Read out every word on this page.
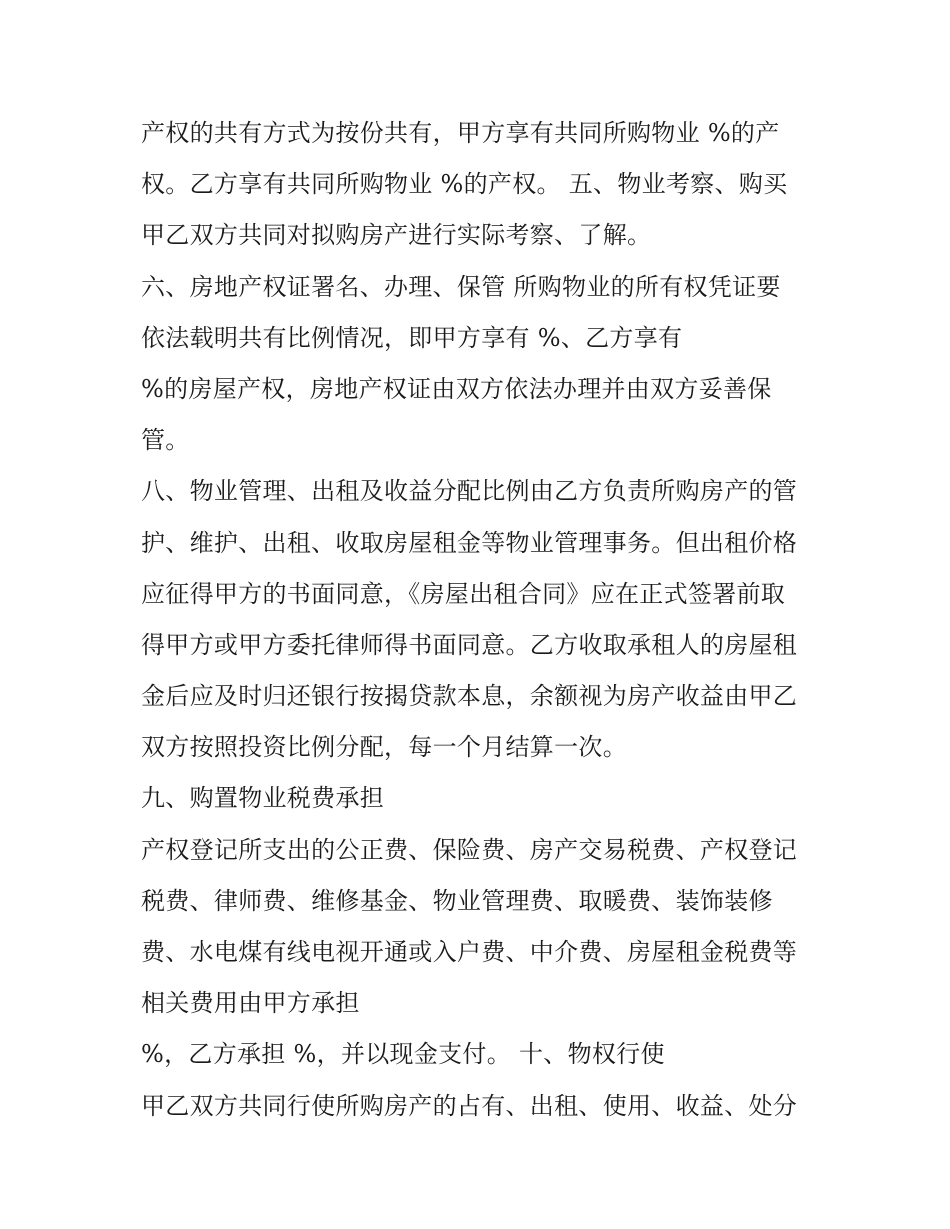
产权的共有方式为按份共有，甲方享有共同所购物业 %的产
权。乙方享有共同所购物业 %的产权。 五、物业考察、购买
甲乙双方共同对拟购房产进行实际考察、了解。
六、房地产权证署名、办理、保管 所购物业的所有权凭证要
依法载明共有比例情况，即甲方享有 %、乙方享有
%的房屋产权，房地产权证由双方依法办理并由双方妥善保
管。
八、物业管理、出租及收益分配比例由乙方负责所购房产的管
护、维护、出租、收取房屋租金等物业管理事务。但出租价格
应征得甲方的书面同意，《房屋出租合同》应在正式签署前取
得甲方或甲方委托律师得书面同意。乙方收取承租人的房屋租
金后应及时归还银行按揭贷款本息，余额视为房产收益由甲乙
双方按照投资比例分配，每一个月结算一次。
九、购置物业税费承担
产权登记所支出的公正费、保险费、房产交易税费、产权登记
税费、律师费、维修基金、物业管理费、取暖费、装饰装修
费、水电煤有线电视开通或入户费、中介费、房屋租金税费等
相关费用由甲方承担
%，乙方承担 %，并以现金支付。 十、物权行使
甲乙双方共同行使所购房产的占有、出租、使用、收益、处分
